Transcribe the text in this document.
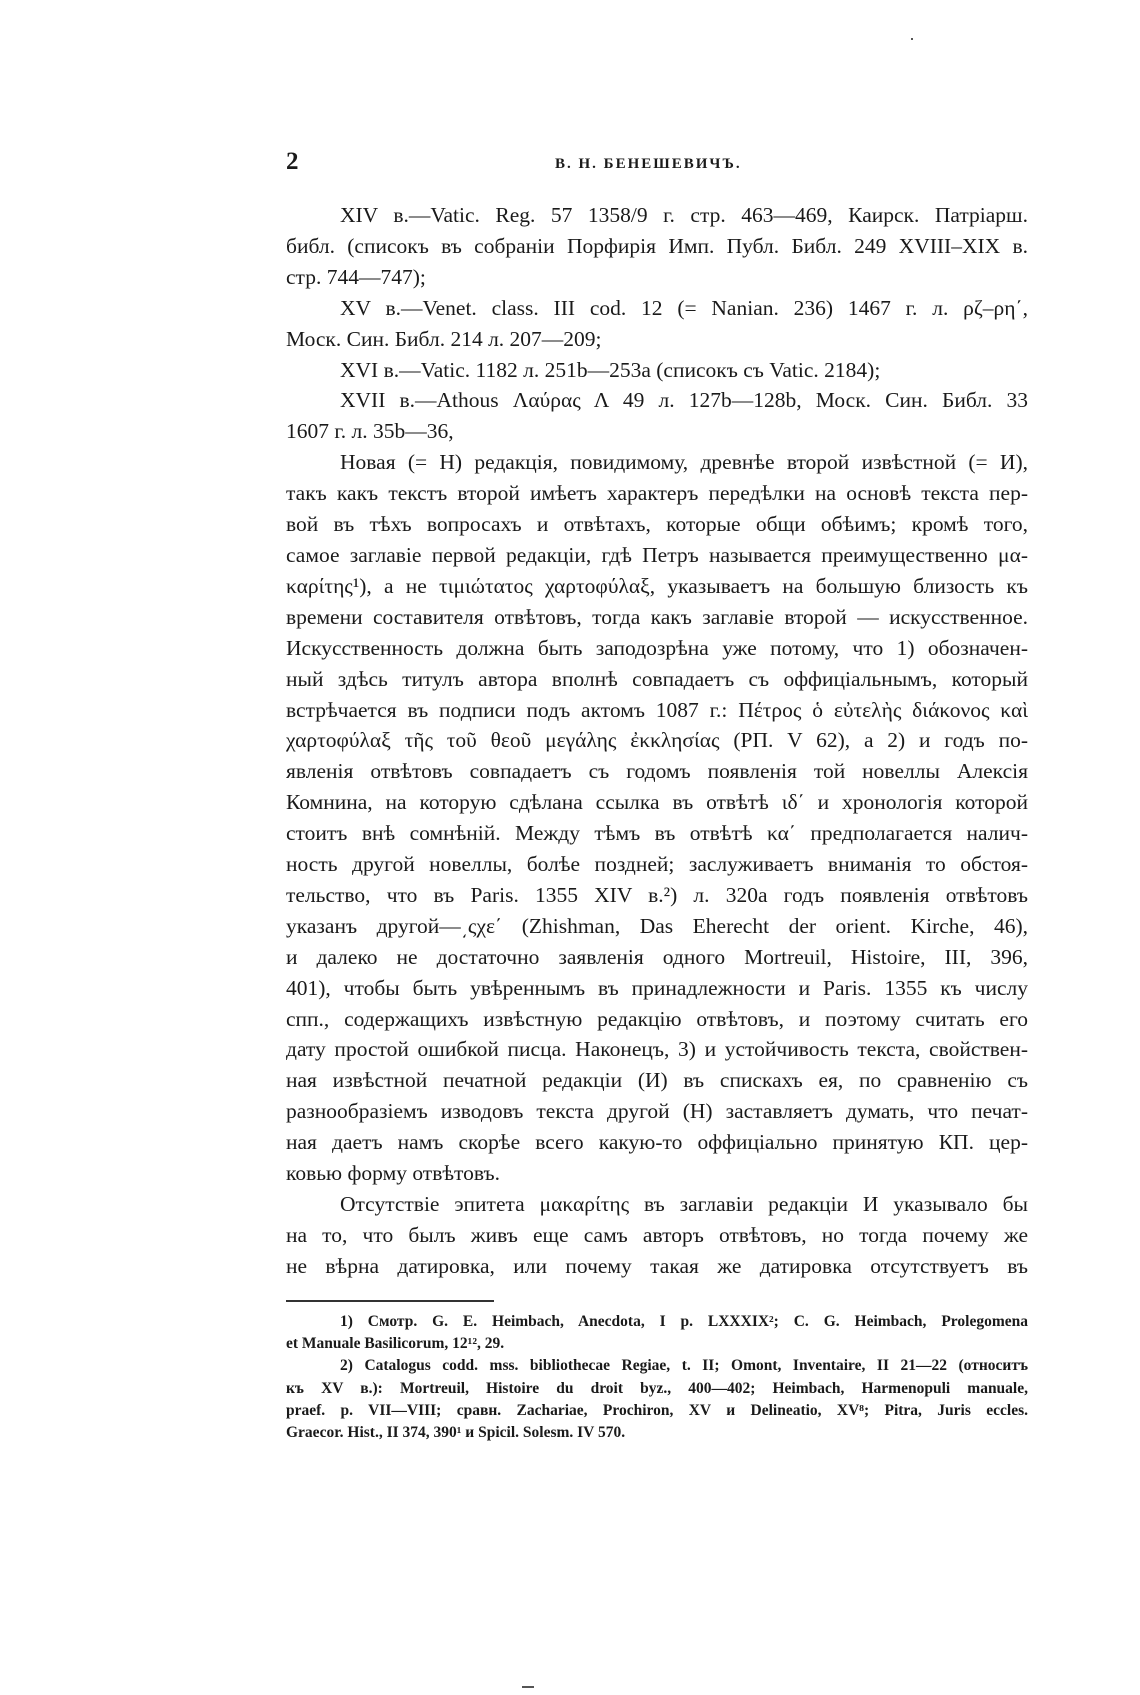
2	В. Н. БЕНЕШЕВИЧЪ.
XIV в.—Vatic. Reg. 57 1358/9 г. стр. 463—469, Каирск. Патріарш.
библ. (списокъ въ собраніи Порфирія Имп. Публ. Библ. 249 XVIII–XIX в.
стр. 744—747);
XV в.—Venet. class. III cod. 12 (= Nanian. 236) 1467 г. л. ρζ–ρη΄,
Моск. Син. Библ. 214 л. 207—209;
XVI в.—Vatic. 1182 л. 251b—253a (списокъ съ Vatic. 2184);
XVII в.—Athous Λαύρας Λ 49 л. 127b—128b, Моск. Син. Библ. 33
1607 г. л. 35b—36,
Новая (= Н) редакція, повидимому, древнѣе второй извѣстной (= И),
такъ какъ текстъ второй имѣетъ характеръ передѣлки на основѣ текста пер-
вой въ тѣхъ вопросахъ и отвѣтахъ, которые общи обѣимъ; кромѣ того,
самое заглавіе первой редакціи, гдѣ Петръ называется преимущественно μα-
καρίτης¹), а не τιμιώτατος χαρτοφύλαξ, указываетъ на большую близость къ
времени составителя отвѣтовъ, тогда какъ заглавіе второй — искусственное.
Искусственность должна быть заподозрѣна уже потому, что 1) обозначен-
ный здѣсь титулъ автора вполнѣ совпадаетъ съ оффиціальнымъ, который
встрѣчается въ подписи подъ актомъ 1087 г.: Πέτρος ὁ εὐτελὴς διάκονος καὶ
χαρτοφύλαξ τῆς τοῦ θεοῦ μεγάλης ἐκκλησίας (РП. V 62), а 2) и годъ по-
явленія отвѣтовъ совпадаетъ съ годомъ появленія той новеллы Алексія
Комнина, на которую сдѣлана ссылка въ отвѣтѣ ιδ΄ и хронологія которой
стоитъ внѣ сомнѣній. Между тѣмъ въ отвѣтѣ κα΄ предполагается налич-
ность другой новеллы, болѣе поздней; заслуживаетъ вниманія то обстоя-
тельство, что въ Paris. 1355 XIV в.²) л. 320a годъ появленія отвѣтовъ
указанъ другой—͵ςχε΄ (Zhishman, Das Eherecht der orient. Kirche, 46),
и далеко не достаточно заявленія одного Mortreuil, Histoire, III, 396,
401), чтобы быть увѣреннымъ въ принадлежности и Paris. 1355 къ числу
спп., содержащихъ извѣстную редакцію отвѣтовъ, и поэтому считать его
дату простой ошибкой писца. Наконецъ, 3) и устойчивость текста, свойствен-
ная извѣстной печатной редакціи (И) въ спискахъ ея, по сравненію съ
разнообразіемъ изводовъ текста другой (Н) заставляетъ думать, что печат-
ная даетъ намъ скорѣе всего какую-то оффиціально принятую КП. цер-
ковью форму отвѣтовъ.
Отсутствіе эпитета μακαρίτης въ заглавіи редакціи И указывало бы
на то, что былъ живъ еще самъ авторъ отвѣтовъ, но тогда почему же
не вѣрна датировка, или почему такая же датировка отсутствуетъ въ
1) Смотр. G. E. Heimbach, Anecdota, I p. LXXXIX²; C. G. Heimbach, Prolegomena
et Manuale Basilicorum, 12¹², 29.
2) Catalogus codd. mss. bibliothecae Regiae, t. II; Omont, Inventaire, II 21—22 (относитъ
къ XV в.): Mortreuil, Histoire du droit byz., 400—402; Heimbach, Harmenopuli manuale,
praef. p. VII—VIII; сравн. Zachariae, Prochiron, XV и Delineatio, XV⁸; Pitra, Juris eccles.
Graecor. Hist., II 374, 390¹ и Spicil. Solesm. IV 570.
